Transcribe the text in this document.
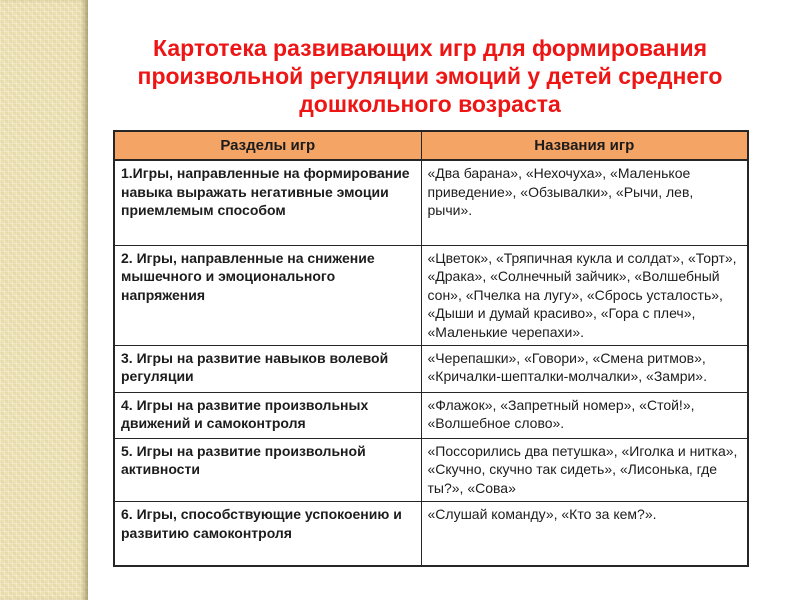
Картотека развивающих игр для формирования произвольной регуляции эмоций у детей среднего дошкольного возраста
Разделы игр	Названия игр
1.Игры, направленные на формирование навыка выражать негативные эмоции приемлемым способом	«Два барана», «Нехочуха», «Маленькое приведение», «Обзывалки», «Рычи, лев, рычи».
2. Игры, направленные на снижение мышечного и эмоционального напряжения	«Цветок», «Тряпичная кукла и солдат», «Торт», «Драка», «Солнечный зайчик», «Волшебный сон», «Пчелка на лугу», «Сбрось усталость», «Дыши и думай красиво», «Гора с плеч», «Маленькие черепахи».
3. Игры на развитие навыков волевой регуляции	«Черепашки», «Говори», «Смена ритмов», «Кричалки-шепталки-молчалки», «Замри».
4. Игры на развитие произвольных движений и самоконтроля	«Флажок», «Запретный номер», «Стой!», «Волшебное слово».
5. Игры на развитие произвольной активности	«Поссорились два петушка», «Иголка и нитка», «Скучно, скучно так сидеть», «Лисонька, где ты?», «Сова»
6. Игры, способствующие успокоению и развитию самоконтроля	«Слушай команду», «Кто за кем?».
